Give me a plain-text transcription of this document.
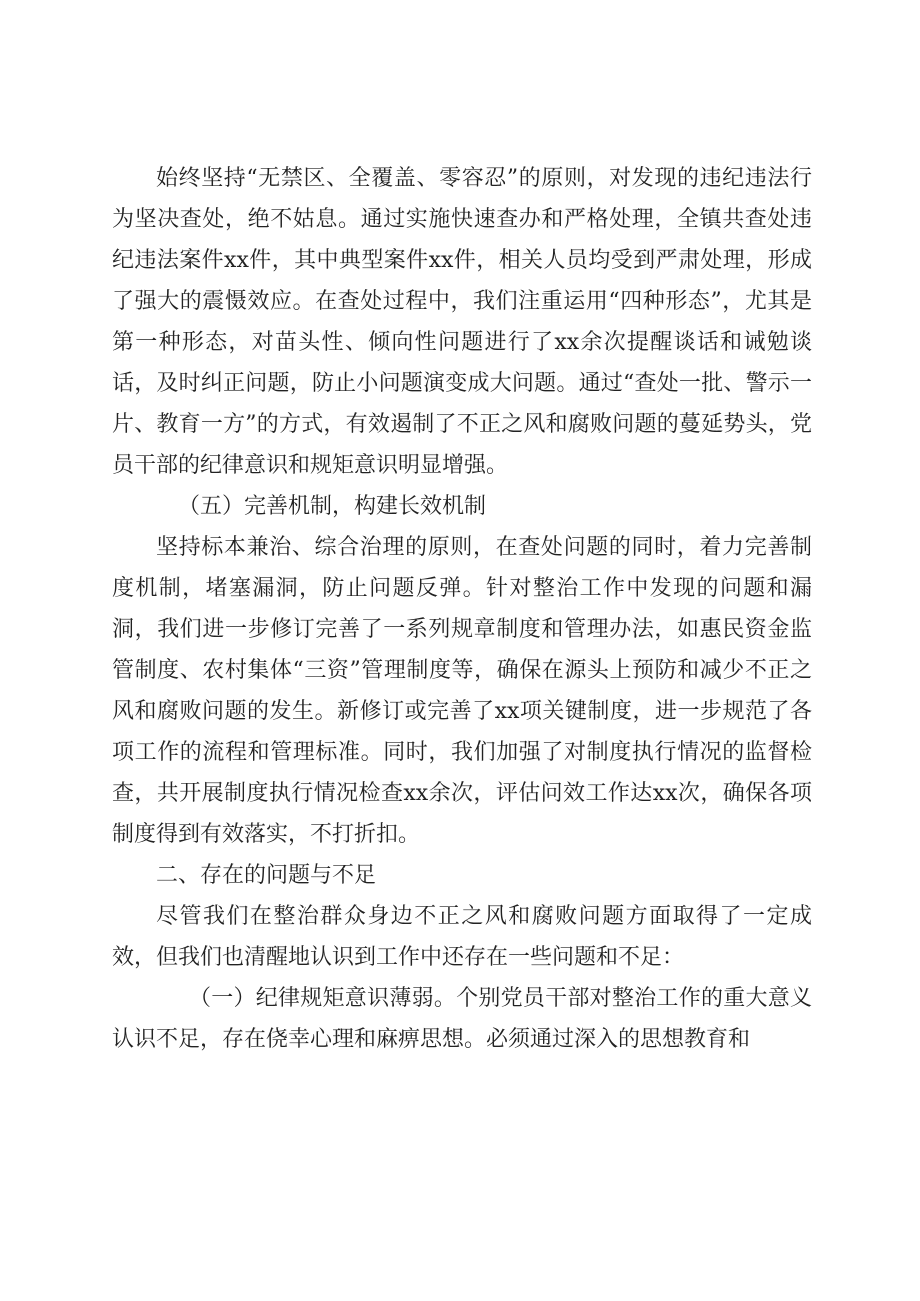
始终坚持“无禁区、全覆盖、零容忍”的原则，对发现的违纪违法行为坚决查处，绝不姑息。通过实施快速查办和严格处理，全镇共查处违纪违法案件xx件，其中典型案件xx件，相关人员均受到严肃处理，形成了强大的震慑效应。在查处过程中，我们注重运用“四种形态”，尤其是第一种形态，对苗头性、倾向性问题进行了xx余次提醒谈话和诫勉谈话，及时纠正问题，防止小问题演变成大问题。通过“查处一批、警示一片、教育一方”的方式，有效遏制了不正之风和腐败问题的蔓延势头，党员干部的纪律意识和规矩意识明显增强。

（五）完善机制，构建长效机制

坚持标本兼治、综合治理的原则，在查处问题的同时，着力完善制度机制，堵塞漏洞，防止问题反弹。针对整治工作中发现的问题和漏洞，我们进一步修订完善了一系列规章制度和管理办法，如惠民资金监管制度、农村集体“三资”管理制度等，确保在源头上预防和减少不正之风和腐败问题的发生。新修订或完善了xx项关键制度，进一步规范了各项工作的流程和管理标准。同时，我们加强了对制度执行情况的监督检查，共开展制度执行情况检查xx余次，评估问效工作达xx次，确保各项制度得到有效落实，不打折扣。

二、存在的问题与不足

尽管我们在整治群众身边不正之风和腐败问题方面取得了一定成效，但我们也清醒地认识到工作中还存在一些问题和不足：

（一）纪律规矩意识薄弱。个别党员干部对整治工作的重大意义认识不足，存在侥幸心理和麻痹思想。必须通过深入的思想教育和
